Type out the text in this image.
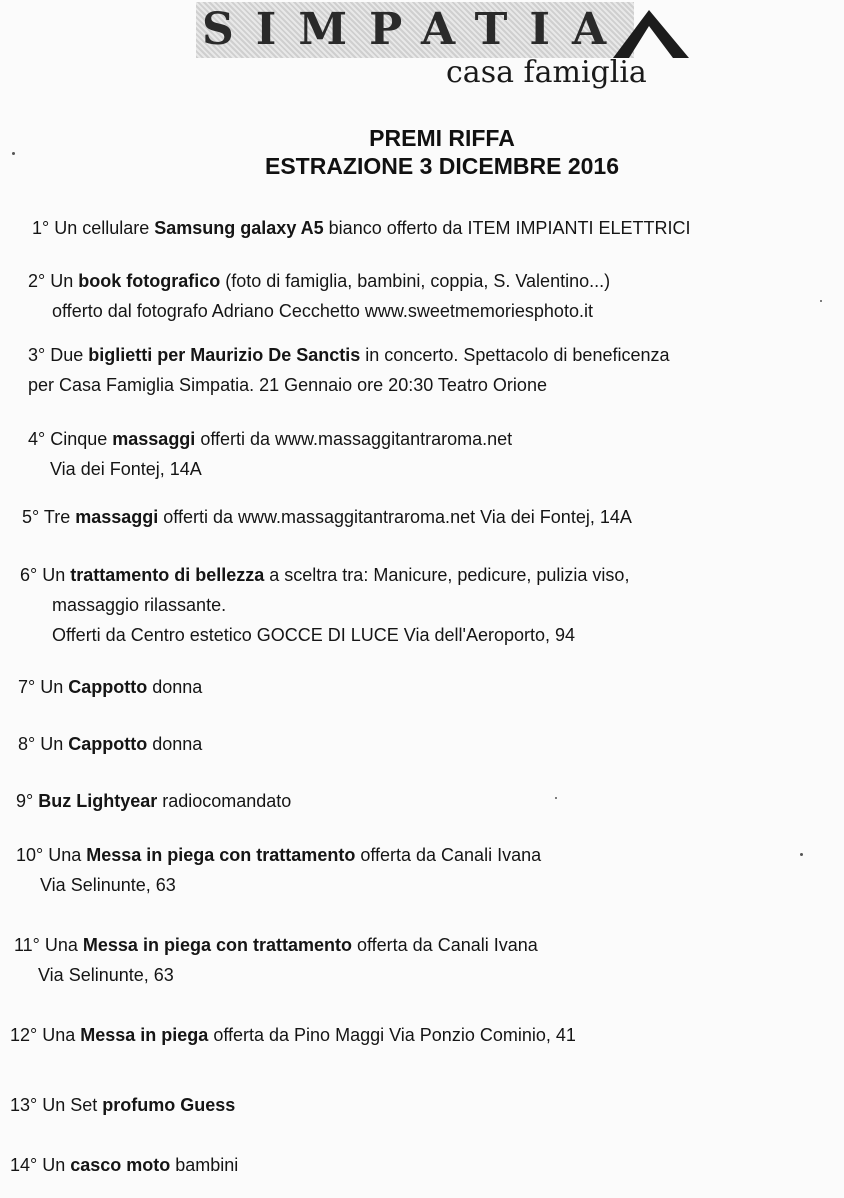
SIMPATIA
casa famiglia
PREMI RIFFA
ESTRAZIONE 3 DICEMBRE 2016
1° Un cellulare Samsung galaxy A5 bianco offerto da ITEM IMPIANTI ELETTRICI
2° Un book fotografico (foto di famiglia, bambini, coppia, S. Valentino...)
offerto dal fotografo Adriano Cecchetto www.sweetmemoriesphoto.it
3° Due biglietti per Maurizio De Sanctis in concerto. Spettacolo di beneficenza
per Casa Famiglia Simpatia. 21 Gennaio ore 20:30 Teatro Orione
4° Cinque massaggi offerti da www.massaggitantraroma.net
Via dei Fontej, 14A
5° Tre massaggi offerti da www.massaggitantraroma.net Via dei Fontej, 14A
6° Un trattamento di bellezza a sceltra tra: Manicure, pedicure, pulizia viso,
massaggio rilassante.
Offerti da Centro estetico GOCCE DI LUCE Via dell'Aeroporto, 94
7° Un Cappotto donna
8° Un Cappotto donna
9° Buz Lightyear radiocomandato
10° Una Messa in piega con trattamento offerta da Canali Ivana
Via Selinunte, 63
11° Una Messa in piega con trattamento offerta da Canali Ivana
Via Selinunte, 63
12° Una Messa in piega offerta da Pino Maggi Via Ponzio Cominio, 41
13° Un Set profumo Guess
14° Un casco moto bambini
